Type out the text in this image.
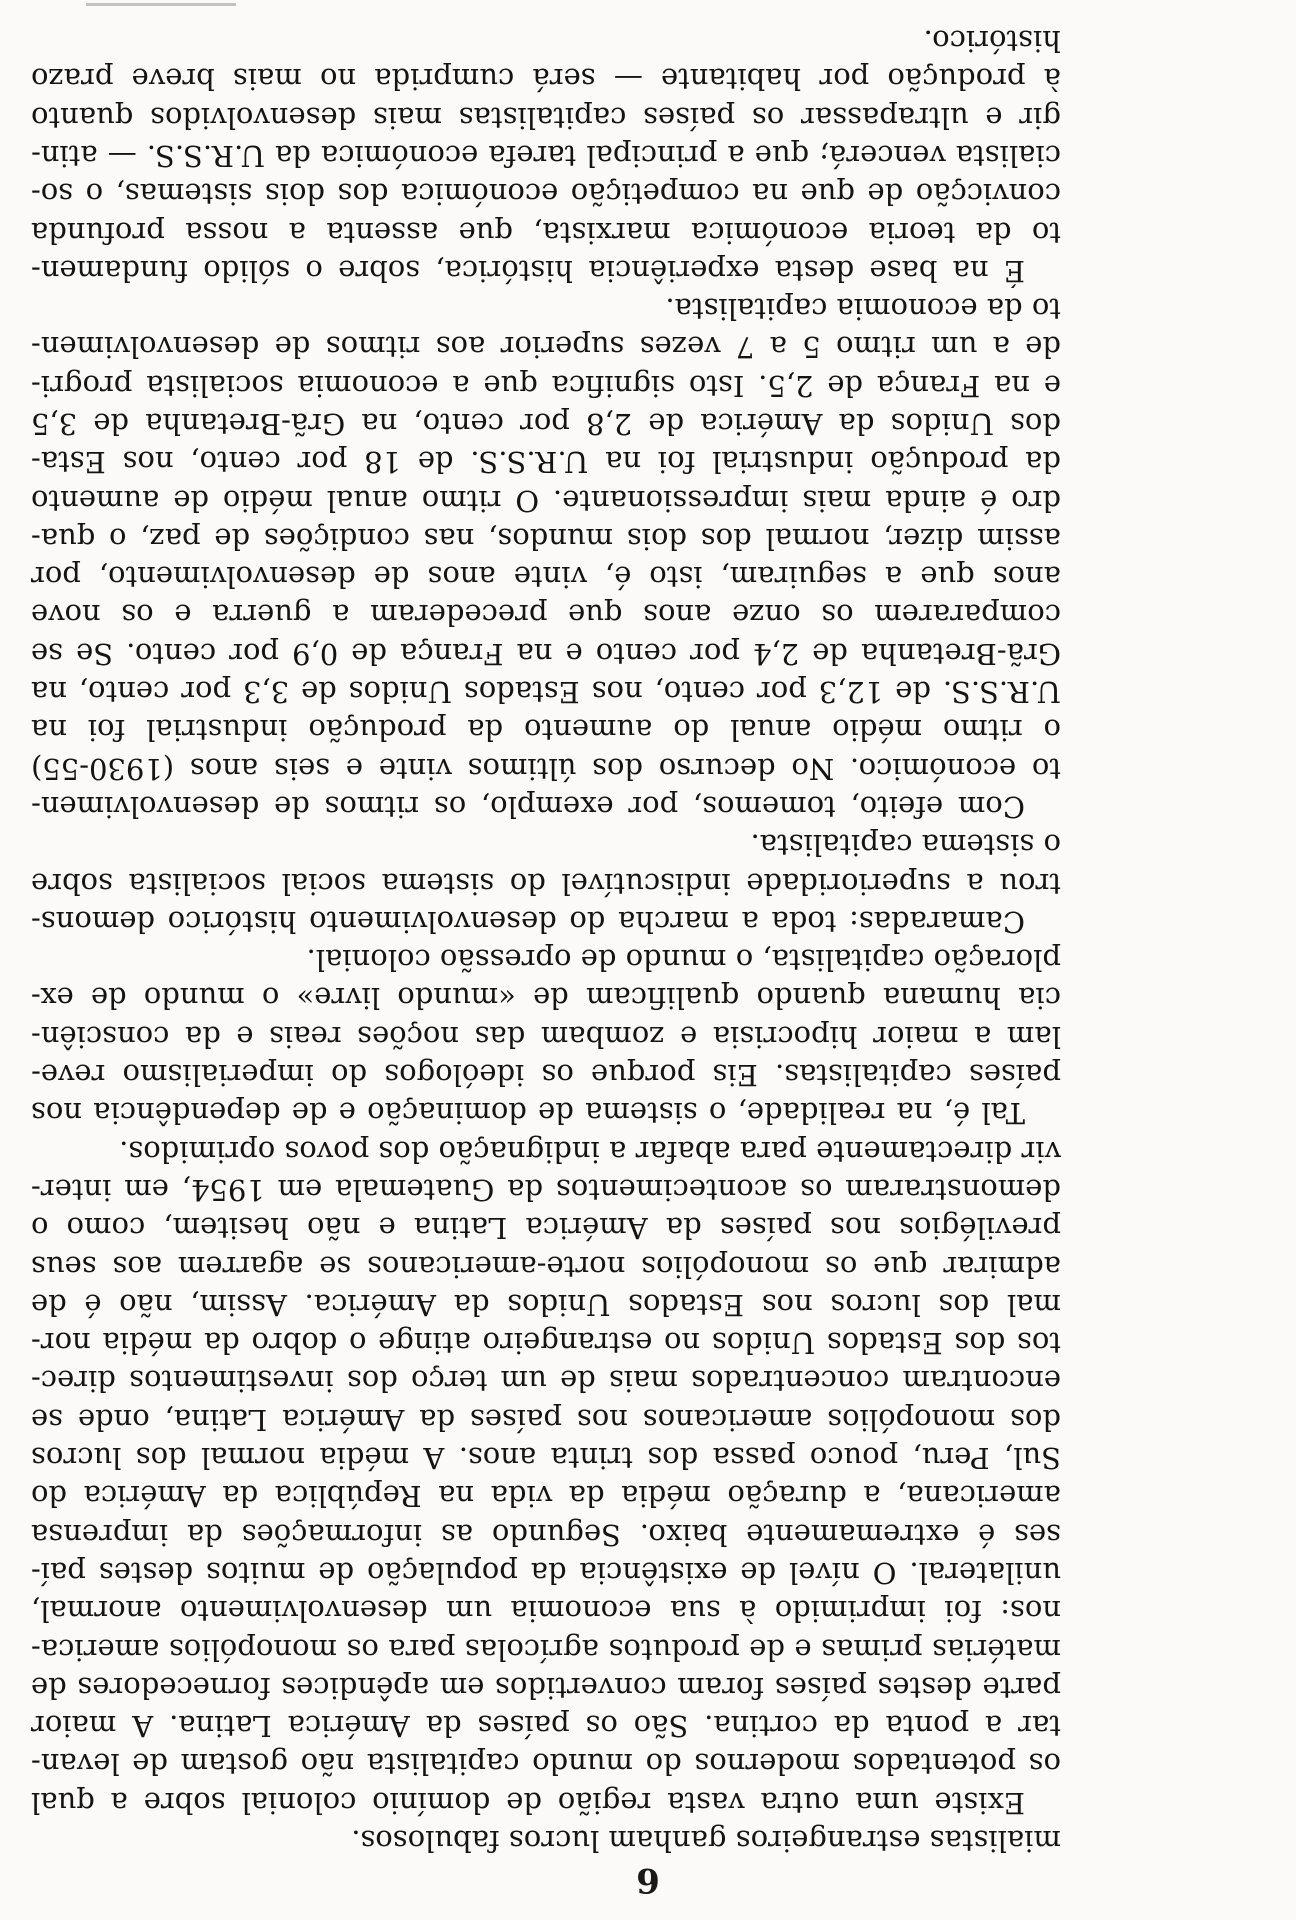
6
mialistas estrangeiros ganham lucros fabulosos.
Existe uma outra vasta região de domínio colonial sobre a qual
os potentados modernos do mundo capitalista não gostam de levan-
tar a ponta da cortina. São os países da América Latina. A maior
parte destes países foram convertidos em apêndices fornecedores de
matérias primas e de produtos agrícolas para os monopólios america-
nos: foi imprimido à sua economia um desenvolvimento anormal,
unilateral. O nível de existência da população de muitos destes paí-
ses é extremamente baixo. Segundo as informações da imprensa
americana, a duração média da vida na República da América do
Sul, Peru, pouco passa dos trinta anos. A média normal dos lucros
dos monopólios americanos nos países da América Latina, onde se
encontram concentrados mais de um terço dos investimentos direc-
tos dos Estados Unidos no estrangeiro atinge o dobro da média nor-
mal dos lucros nos Estados Unidos da América. Assim, não é de
admirar que os monopólios norte-americanos se agarrem aos seus
previlégios nos países da América Latina e não hesitem, como o
demonstraram os acontecimentos da Guatemala em 1954, em inter-
vir directamente para abafar a indignação dos povos oprimidos.
Tal é, na realidade, o sistema de dominação e de dependência nos
países capitalistas. Eis porque os ideólogos do imperialismo reve-
lam a maior hipocrisia e zombam das noções reais e da consciên-
cia humana quando qualificam de «mundo livre» o mundo de ex-
ploração capitalista, o mundo de opressão colonial.
Camaradas: toda a marcha do desenvolvimento histórico demons-
trou a superioridade indiscutível do sistema social socialista sobre
o sistema capitalista.
Com efeito, tomemos, por exemplo, os ritmos de desenvolvimen-
to económico. No decurso dos últimos vinte e seis anos (1930-55)
o ritmo médio anual do aumento da produção industrial foi na
U.R.S.S. de 12,3 por cento, nos Estados Unidos de 3,3 por cento, na
Grã-Bretanha de 2,4 por cento e na França de 0,9 por cento. Se se
compararem os onze anos que precederam a guerra e os nove
anos que a seguiram, isto é, vinte anos de desenvolvimento, por
assim dizer, normal dos dois mundos, nas condições de paz, o qua-
dro é ainda mais impressionante. O ritmo anual médio de aumento
da produção industrial foi na U.R.S.S. de 18 por cento, nos Esta-
dos Unidos da América de 2,8 por cento, na Grã-Bretanha de 3,5
e na França de 2,5. Isto significa que a economia socialista progri-
de a um ritmo 5 a 7 vezes superior aos ritmos de desenvolvimen-
to da economia capitalista.
É na base desta experiência histórica, sobre o sólido fundamen-
to da teoria económica marxista, que assenta a nossa profunda
convicção de que na competição económica dos dois sistemas, o so-
cialista vencerá; que a principal tarefa económica da U.R.S.S. — atin-
gir e ultrapassar os países capitalistas mais desenvolvidos quanto
à produção por habitante — será cumprida no mais breve prazo
histórico.
